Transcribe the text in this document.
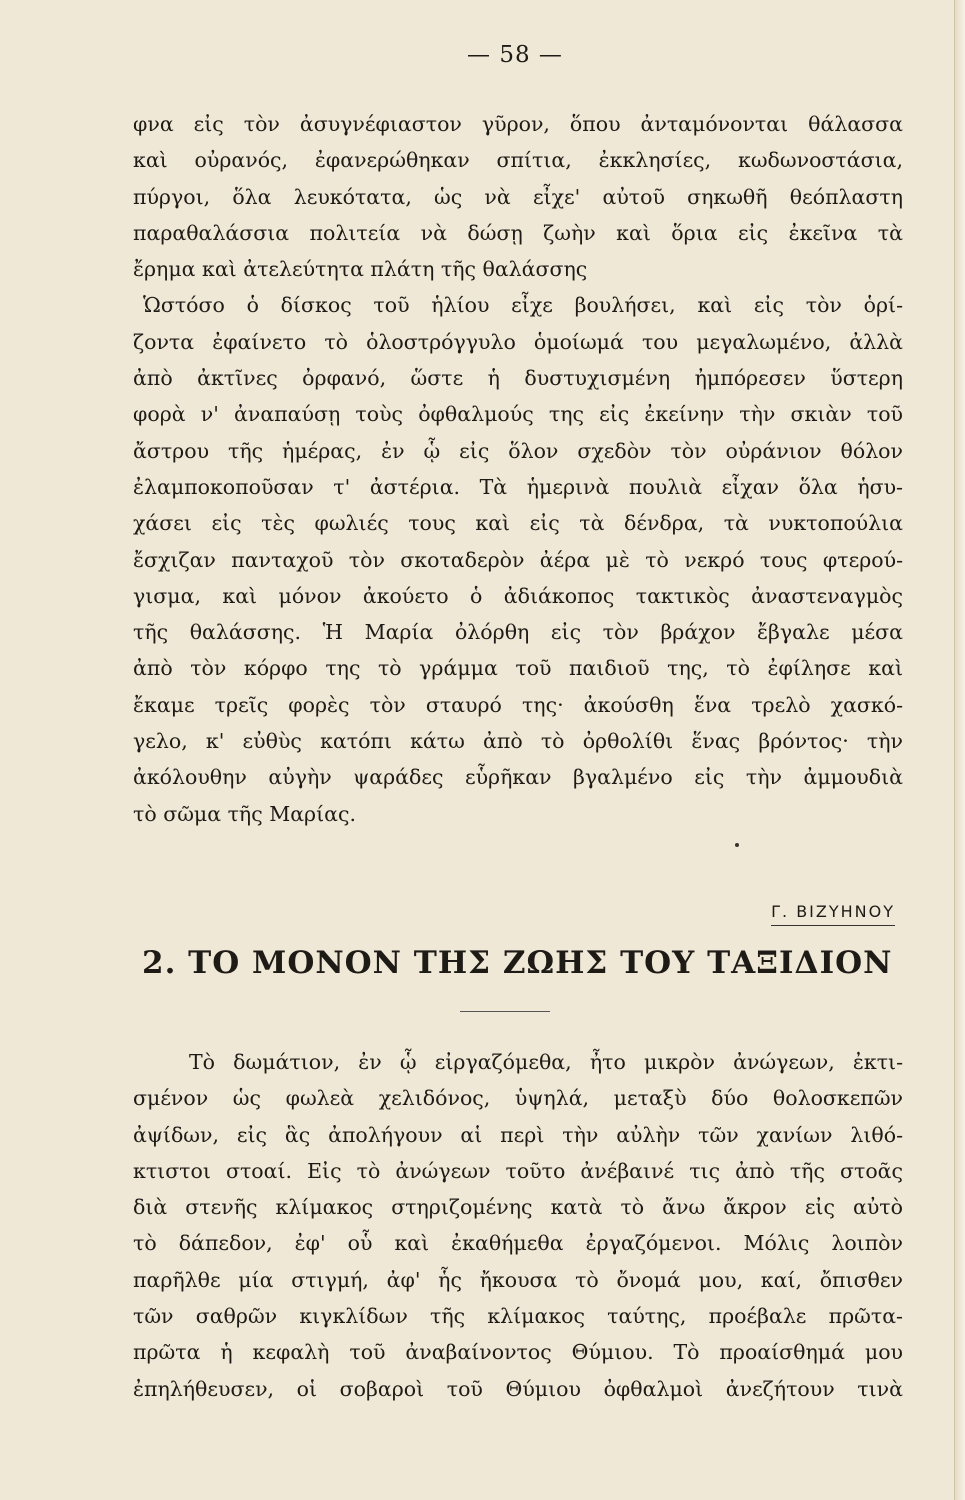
— 58 —
φνα εἰς τὸν ἀσυγνέφιαστον γῦρον, ὅπου ἀνταμόνονται θάλασσα
καὶ οὐρανός, ἐφανερώθηκαν σπίτια, ἐκκλησίες, κωδωνοστάσια,
πύργοι, ὅλα λευκότατα, ὡς νὰ εἶχε' αὐτοῦ σηκωθῆ θεόπλαστη
παραθαλάσσια πολιτεία νὰ δώσῃ ζωὴν καὶ ὅρια εἰς ἐκεῖνα τὰ
ἔρημα καὶ ἀτελεύτητα πλάτη τῆς θαλάσσης
Ὡστόσο ὁ δίσκος τοῦ ἡλίου εἶχε βουλήσει, καὶ εἰς τὸν ὁρί-
ζοντα ἐφαίνετο τὸ ὁλοστρόγγυλο ὁμοίωμά του μεγαλωμένο, ἀλλὰ
ἀπὸ ἀκτῖνες ὀρφανό, ὥστε ἡ δυστυχισμένη ἠμπόρεσεν ὕστερη
φορὰ ν' ἀναπαύσῃ τοὺς ὀφθαλμούς της εἰς ἐκείνην τὴν σκιὰν τοῦ
ἄστρου τῆς ἡμέρας, ἐν ᾧ εἰς ὅλον σχεδὸν τὸν οὐράνιον θόλον
ἐλαμποκοποῦσαν τ' ἀστέρια. Τὰ ἡμερινὰ πουλιὰ εἶχαν ὅλα ἡσυ-
χάσει εἰς τὲς φωλιές τους καὶ εἰς τὰ δένδρα, τὰ νυκτοπούλια
ἔσχιζαν πανταχοῦ τὸν σκοταδερὸν ἀέρα μὲ τὸ νεκρό τους φτερού-
γισμα, καὶ μόνον ἀκούετο ὁ ἀδιάκοπος τακτικὸς ἀναστεναγμὸς
τῆς θαλάσσης. Ἡ Μαρία ὀλόρθη εἰς τὸν βράχον ἔβγαλε μέσα
ἀπὸ τὸν κόρφο της τὸ γράμμα τοῦ παιδιοῦ της, τὸ ἐφίλησε καὶ
ἔκαμε τρεῖς φορὲς τὸν σταυρό της· ἀκούσθη ἕνα τρελὸ χασκό-
γελο, κ' εὐθὺς κατόπι κάτω ἀπὸ τὸ ὀρθολίθι ἕνας βρόντος· τὴν
ἀκόλουθην αὐγὴν ψαράδες εὗρῆκαν βγαλμένο εἰς τὴν ἀμμουδιὰ
τὸ σῶμα τῆς Μαρίας.
Γ. ΒΙΖΥΗΝΟΥ
2. ΤΟ ΜΟΝΟΝ ΤΗΣ ΖΩΗΣ ΤΟΥ ΤΑΞΙΔΙΟΝ
Τὸ δωμάτιον, ἐν ᾧ εἰργαζόμεθα, ἦτο μικρὸν ἀνώγεων, ἐκτι-
σμένον ὡς φωλεὰ χελιδόνος, ὑψηλά, μεταξὺ δύο θολοσκεπῶν
ἀψίδων, εἰς ἃς ἀπολήγουν αἱ περὶ τὴν αὐλὴν τῶν χανίων λιθό-
κτιστοι στοαί. Εἰς τὸ ἀνώγεων τοῦτο ἀνέβαινέ τις ἀπὸ τῆς στοᾶς
διὰ στενῆς κλίμακος στηριζομένης κατὰ τὸ ἄνω ἄκρον εἰς αὐτὸ
τὸ δάπεδον, ἐφ' οὗ καὶ ἐκαθήμεθα ἐργαζόμενοι. Μόλις λοιπὸν
παρῆλθε μία στιγμή, ἀφ' ἧς ἤκουσα τὸ ὄνομά μου, καί, ὄπισθεν
τῶν σαθρῶν κιγκλίδων τῆς κλίμακος ταύτης, προέβαλε πρῶτα-
πρῶτα ἡ κεφαλὴ τοῦ ἀναβαίνοντος Θύμιου. Τὸ προαίσθημά μου
ἐπηλήθευσεν, οἱ σοβαροὶ τοῦ Θύμιου ὀφθαλμοὶ ἀνεζήτουν τινὰ
